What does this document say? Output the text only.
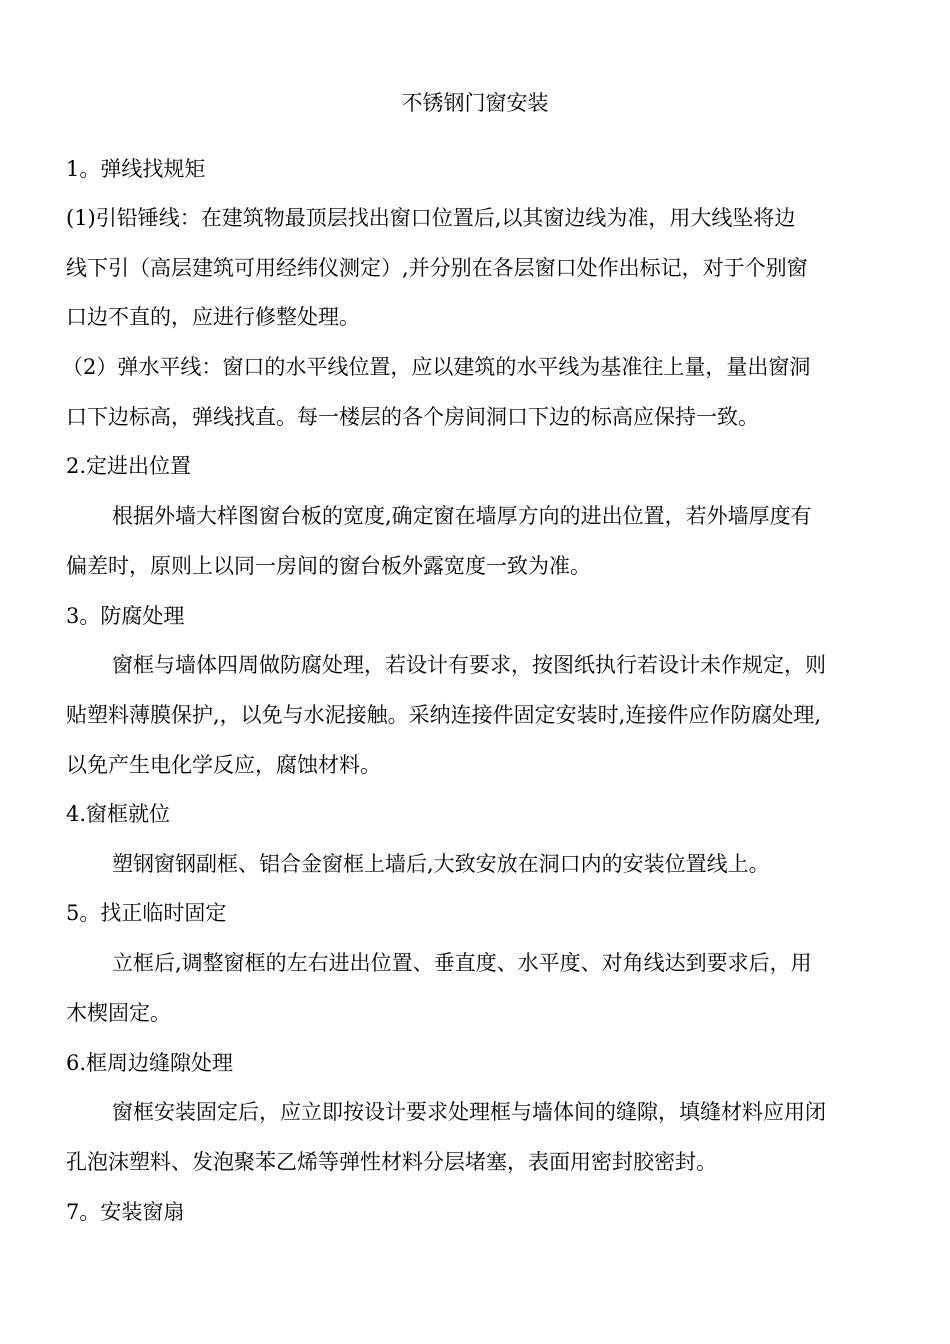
不锈钢门窗安装
1。弹线找规矩
(1)引铅锤线：在建筑物最顶层找出窗口位置后,以其窗边线为准，用大线坠将边
线下引（高层建筑可用经纬仪测定）,并分别在各层窗口处作出标记，对于个别窗
口边不直的，应进行修整处理。
（2）弹水平线：窗口的水平线位置，应以建筑的水平线为基准往上量，量出窗洞
口下边标高，弹线找直。每一楼层的各个房间洞口下边的标高应保持一致。
2.定进出位置
根据外墙大样图窗台板的宽度,确定窗在墙厚方向的进出位置，若外墙厚度有
偏差时，原则上以同一房间的窗台板外露宽度一致为准。
3。防腐处理
窗框与墙体四周做防腐处理，若设计有要求，按图纸执行若设计未作规定，则
贴塑料薄膜保护,，以免与水泥接触。采纳连接件固定安装时,连接件应作防腐处理,
以免产生电化学反应，腐蚀材料。
4.窗框就位
塑钢窗钢副框、铝合金窗框上墙后,大致安放在洞口内的安装位置线上。
5。找正临时固定
立框后,调整窗框的左右进出位置、垂直度、水平度、对角线达到要求后，用
木楔固定。
6.框周边缝隙处理
窗框安装固定后，应立即按设计要求处理框与墙体间的缝隙，填缝材料应用闭
孔泡沫塑料、发泡聚苯乙烯等弹性材料分层堵塞，表面用密封胶密封。
7。安装窗扇
